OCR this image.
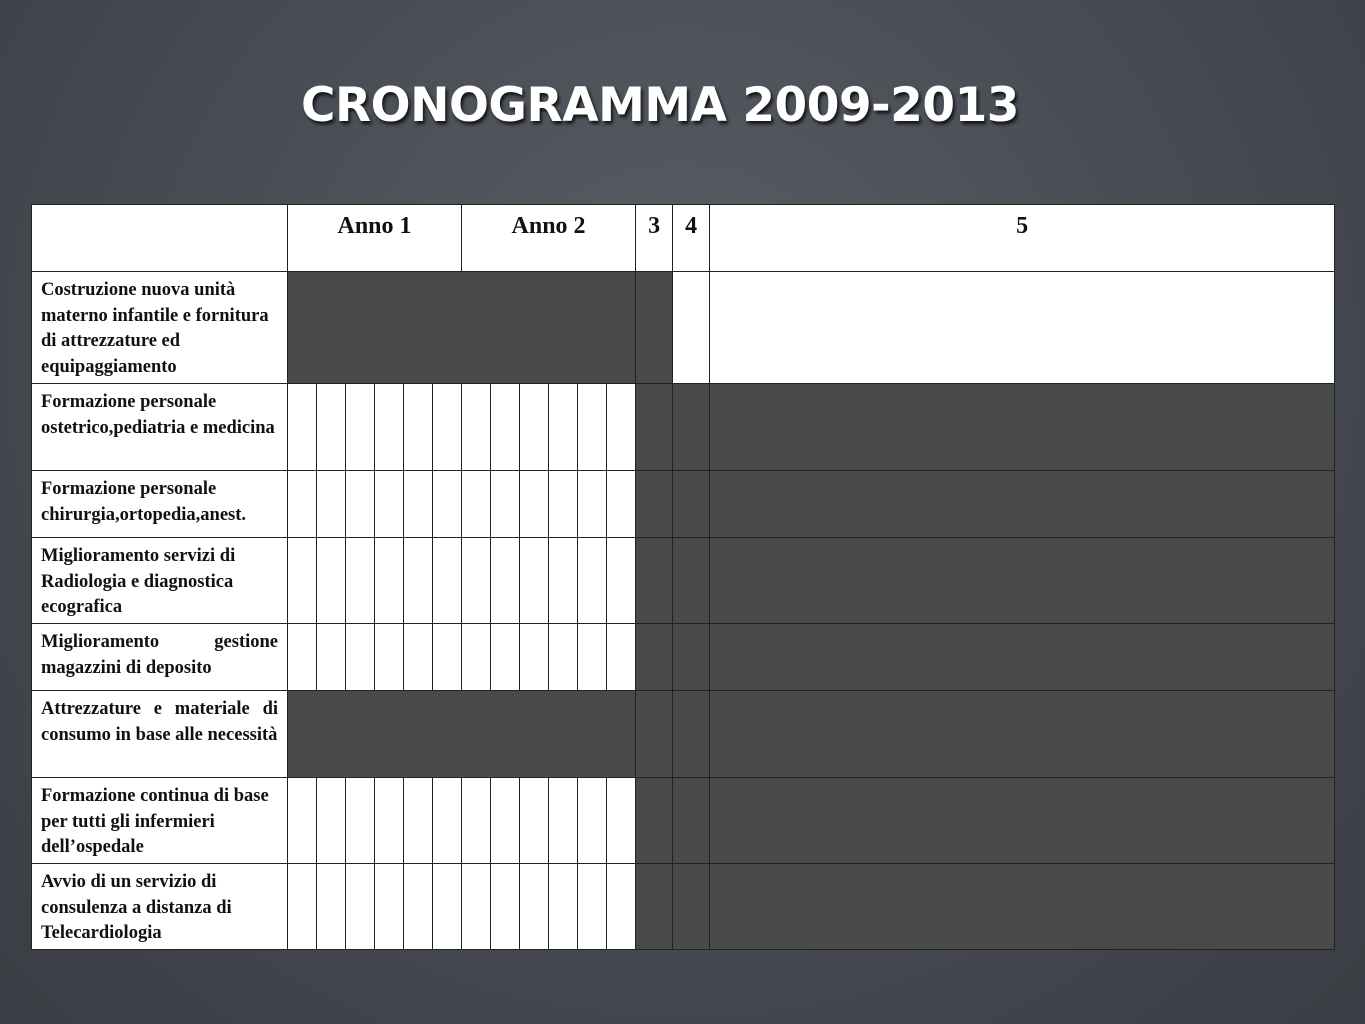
CRONOGRAMMA 2009-2013
	Anno 1						Anno 2						3	4	5
Costruzione nuova unità materno infantile e fornitura di attrezzature ed equipaggiamento															
Formazione personale ostetrico,pediatria e medicina															
Formazione personale chirurgia,ortopedia,anest.															
Miglioramento servizi di Radiologia e diagnostica ecografica															
Miglioramento gestione magazzini di deposito															
Attrezzature e materiale di consumo in base alle necessità															
Formazione continua di base per tutti gli infermieri dell’ospedale															
Avvio di un servizio di consulenza a distanza di Telecardiologia															
